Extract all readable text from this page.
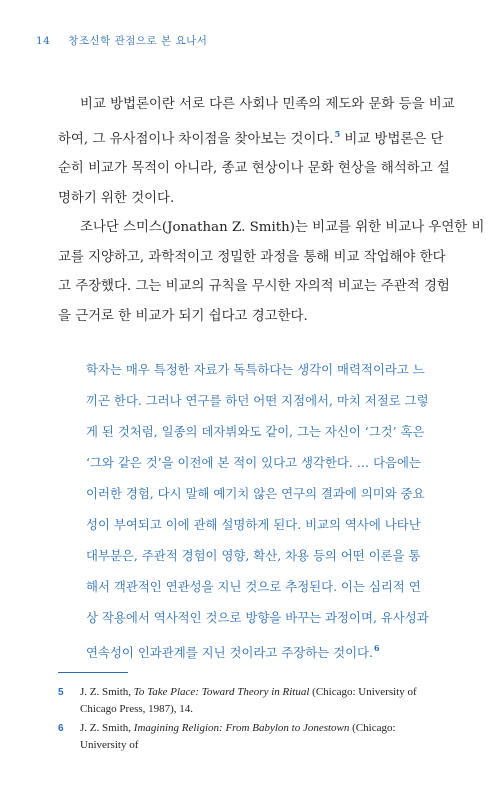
14 창조신학 관점으로 본 요나서
비교 방법론이란 서로 다른 사회나 민족의 제도와 문화 등을 비교
하여, 그 유사점이나 차이점을 찾아보는 것이다.$^5$ 비교 방법론은 단
순히 비교가 목적이 아니라, 종교 현상이나 문화 현상을 해석하고 설
명하기 위한 것이다.
조나단 스미스(Jonathan Z. Smith)는 비교를 위한 비교나 우연한 비
교를 지양하고, 과학적이고 정밀한 과정을 통해 비교 작업해야 한다
고 주장했다. 그는 비교의 규칙을 무시한 자의적 비교는 주관적 경험
을 근거로 한 비교가 되기 쉽다고 경고한다.
학자는 매우 특정한 자료가 독특하다는 생각이 매력적이라고 느
끼곤 한다. 그러나 연구를 하던 어떤 지점에서, 마치 저절로 그렇
게 된 것처럼, 일종의 데자뷔와도 같이, 그는 자신이 ‘그것’ 혹은
‘그와 같은 것’을 이전에 본 적이 있다고 생각한다. … 다음에는
이러한 경험, 다시 말해 예기치 않은 연구의 결과에 의미와 중요
성이 부여되고 이에 관해 설명하게 된다. 비교의 역사에 나타난
대부분은, 주관적 경험이 영향, 확산, 차용 등의 어떤 이론을 통
해서 객관적인 연관성을 지닌 것으로 추정된다. 이는 심리적 연
상 작용에서 역사적인 것으로 방향을 바꾸는 과정이며, 유사성과
연속성이 인과관계를 지닌 것이라고 주장하는 것이다.$^6$
5 J. Z. Smith, To Take Place: Toward Theory in Ritual (Chicago: University of Chicago Press, 1987), 14.
6 J. Z. Smith, Imagining Religion: From Babylon to Jonestown (Chicago: University of
